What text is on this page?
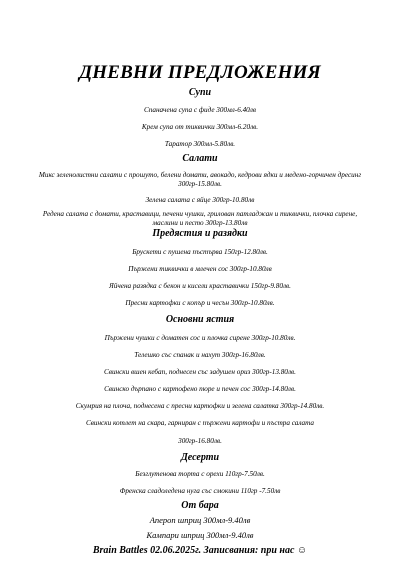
ДНЕВНИ ПРЕДЛОЖЕНИЯ
Супи
Спаначена супа с фиде 300мл-6.40лв
Крем супа от тиквички 300мл-6.20лв.
Таратор 300мл-5.80лв.
Салати
Микс зеленолистни салати с прошуто, белени домати, авокадо, кедрови ядки и медено-горчичен дресинг 300гр-15.80лв.
Зелена салата с яйце 300гр-10.80лв
Редена салата с домати, краставици, печени чушки, грилован патладжан и тиквички, плочка сирене, маслини и песто 300гр-13.80лв
Предястия и разядки
Брускети с пушена пъстърва 150гр-12.80лв.
Пържени тиквички в млечен сос 300гр-10.80лв
Яйчена разядка с бекон и кисели краставички 150гр-9.80лв.
Пресни картофки с копър и чесън 300гр-10.80лв.
Основни ястия
Пържени чушки с доматен сос и плочка сирене 300гр-10.80лв.
Телешко със спанак и нахут 300гр-16.80лв.
Свински вшен кебап, поднесен със задушен ориз 300гр-13.80лв.
Свинско дърпано с картофено пюре и печен сос 300гр-14.80лв.
Скумрия на плоча, поднесена с пресни картофки и зелена салатка 300гр-14.80лв.
Свински котлет на скара, гарниран с пържени картофи и пъстра салата
300гр-16.80лв.
Десерти
Безглутенова торта с орехи 110гр-7.50лв.
Френска сладоледена нуга със смокини 110гр -7.50лв
От бара
Апероп шприц 300мл-9.40лв
Кампари шприц 300мл-9.40лв
Brain Battles 02.06.2025г. Записвания: при нас ☺
